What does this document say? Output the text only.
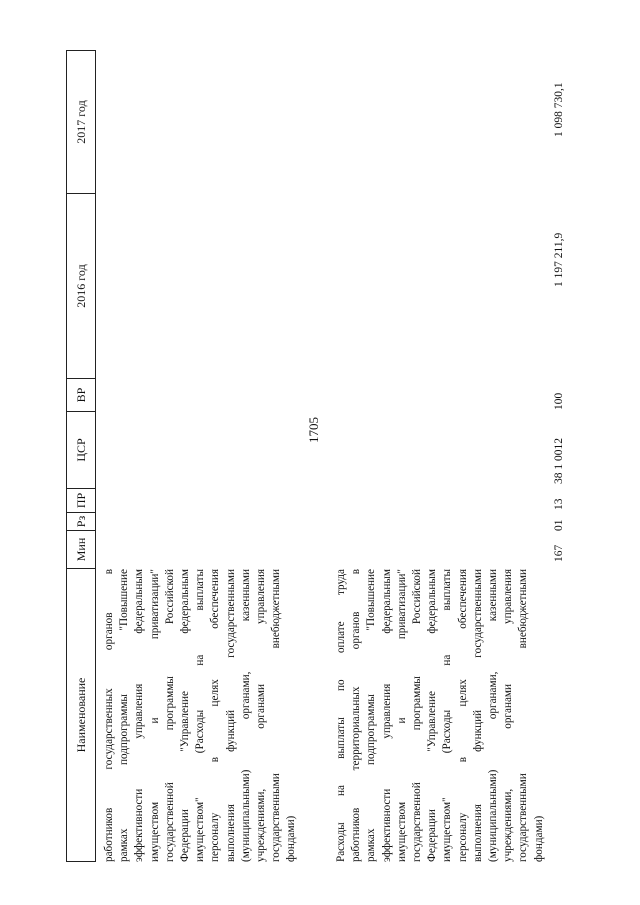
1705
Наименование
Мин
Рз
ПР
ЦСР
ВР
2016 год
2017 год
работников государственных органов в рамках подпрограммы "Повышение эффективности управления федеральным имуществом и приватизации" государственной программы Российской Федерации "Управление федеральным имуществом" (Расходы на выплаты персоналу в целях обеспечения выполнения функций государственными (муниципальными) органами, казенными учреждениями, органами управления государственными внебюджетными фондами)	Расходы на выплаты по оплате труда работников территориальных органов в рамках подпрограммы "Повышение эффективности управления федеральным имуществом и приватизации" государственной программы Российской Федерации "Управление федеральным имуществом" (Расходы на выплаты персоналу в целях обеспечения выполнения функций государственными (муниципальными) органами, казенными учреждениями, органами управления государственными внебюджетными фондами)
167
01
13
38 1 0012
100
1 197 211,9
1 098 730,1
